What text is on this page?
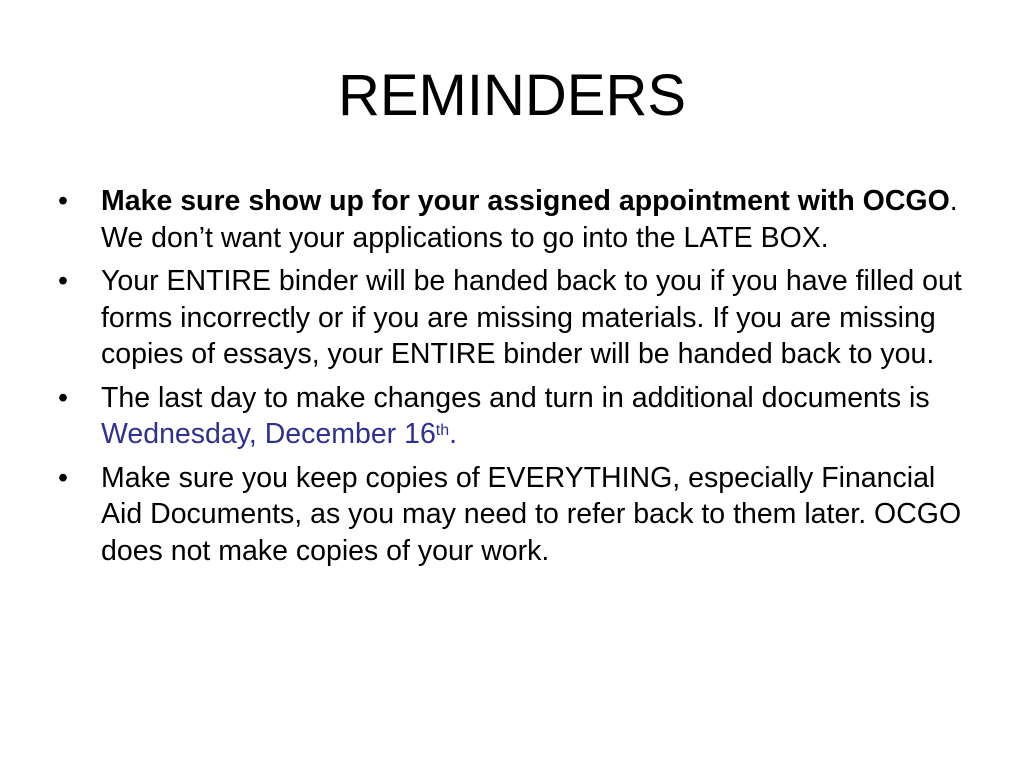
REMINDERS
• Make sure show up for your assigned appointment with OCGO. We don’t want your applications to go into the LATE BOX.
• Your ENTIRE binder will be handed back to you if you have filled out forms incorrectly or if you are missing materials. If you are missing copies of essays, your ENTIRE binder will be handed back to you.
• The last day to make changes and turn in additional documents is Wednesday, December 16th.
• Make sure you keep copies of EVERYTHING, especially Financial Aid Documents, as you may need to refer back to them later. OCGO does not make copies of your work.
